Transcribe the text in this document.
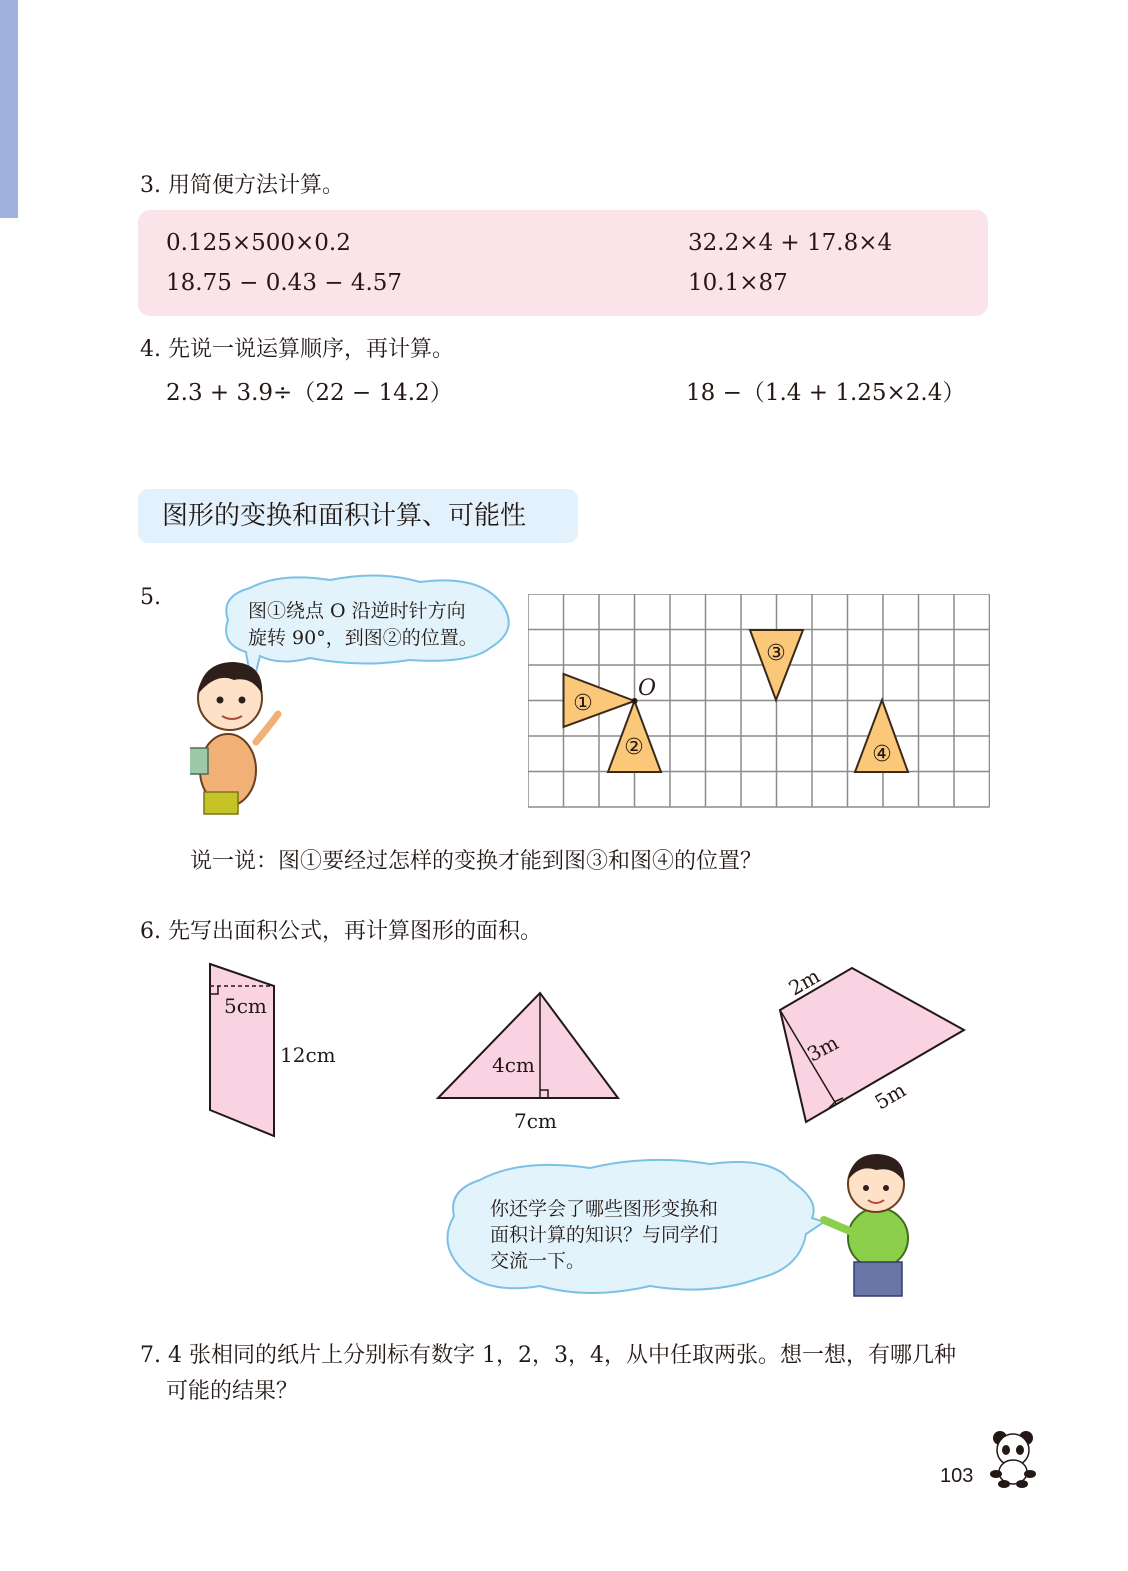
3. 用简便方法计算。
0.125×500×0.2	32.2×4 + 17.8×4
18.75 − 0.43 − 4.57	10.1×87
4. 先说一说运算顺序，再计算。
2.3 + 3.9÷（22 − 14.2）	18 −（1.4 + 1.25×2.4）
图形的变换和面积计算、可能性
5.
图①绕点 O 沿逆时针方向
旋转 90°，到图②的位置。
O
①
②
③
④
说一说：图①要经过怎样的变换才能到图③和图④的位置？
6. 先写出面积公式，再计算图形的面积。
5cm
12cm	4cm
7cm
2m
3m
5m
你还学会了哪些图形变换和
面积计算的知识？与同学们
交流一下。
7. 4 张相同的纸片上分别标有数字 1，2，3，4，从中任取两张。想一想，有哪几种
可能的结果？
103
